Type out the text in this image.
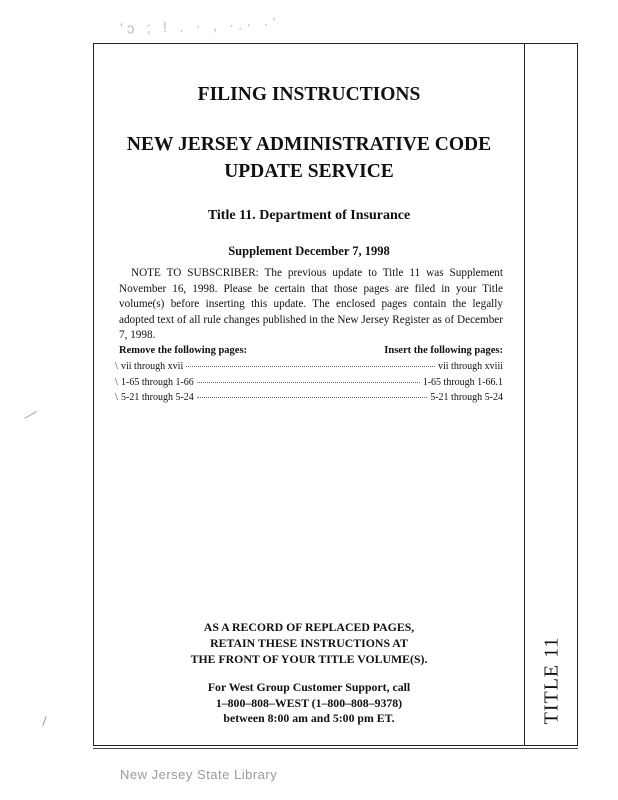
'ↄ ; ! . · , ·.· ·ʼ
TITLE 11
FILING INSTRUCTIONS
NEW JERSEY ADMINISTRATIVE CODE
UPDATE SERVICE
Title 11. Department of Insurance
Supplement December 7, 1998
NOTE TO SUBSCRIBER: The previous update to Title 11 was Supplement November 16, 1998. Please be certain that those pages are filed in your Title volume(s) before inserting this update. The enclosed pages contain the legally adopted text of all rule changes published in the New Jersey Register as of December 7, 1998.
Remove the following pages:	Insert the following pages:
\ vii through xvii	vii through xviii
\ 1-65 through 1-66	1-65 through 1-66.1
\ 5-21 through 5-24	5-21 through 5-24
AS A RECORD OF REPLACED PAGES,
RETAIN THESE INSTRUCTIONS AT
THE FRONT OF YOUR TITLE VOLUME(S).
For West Group Customer Support, call
1–800–808–WEST (1–800–808–9378)
between 8:00 am and 5:00 pm ET.
New Jersey State Library
